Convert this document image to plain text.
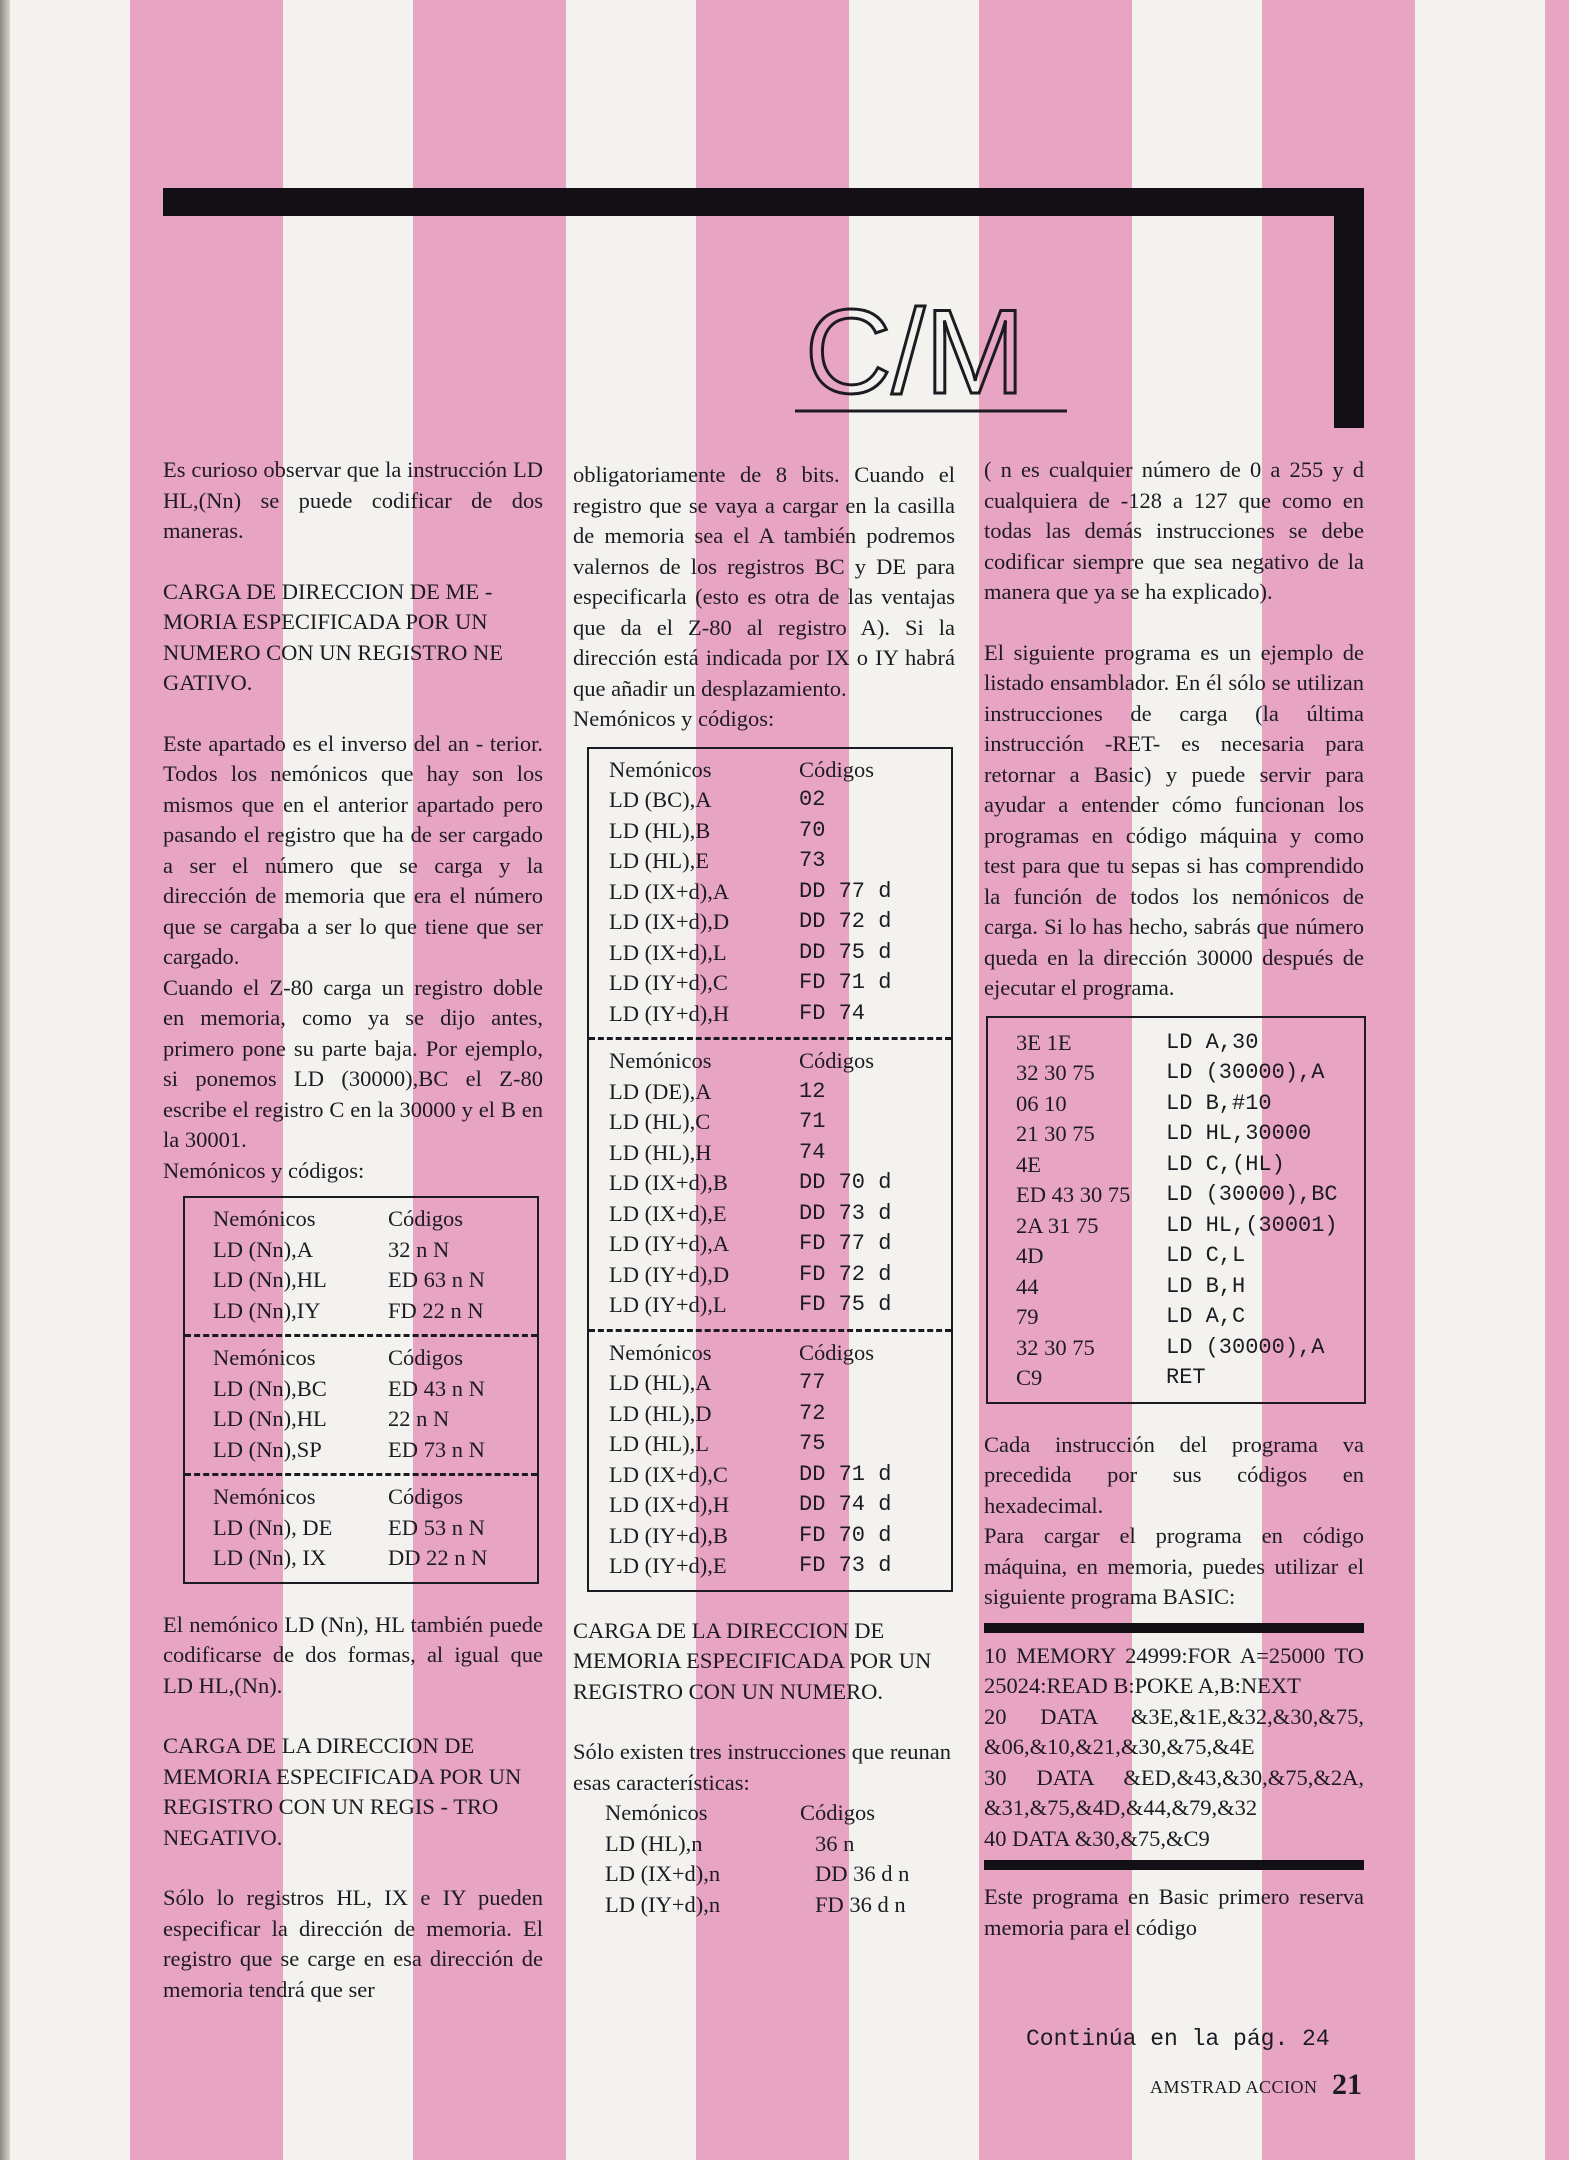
C/M

Es curioso observar que la instrucción LD HL,(Nn) se puede codificar de dos maneras.

CARGA DE DIRECCION DE ME - MORIA ESPECIFICADA POR UN NUMERO CON UN REGISTRO NE GATIVO.

Este apartado es el inverso del an - terior. Todos los nemónicos que hay son los mismos que en el anterior apartado pero pasando el registro que ha de ser cargado a ser el número que se carga y la dirección de memoria que era el número que se cargaba a ser lo que tiene que ser cargado.

Cuando el Z-80 carga un registro doble en memoria, como ya se dijo antes, primero pone su parte baja. Por ejemplo, si ponemos LD (30000),BC el Z-80 escribe el registro C en la 30000 y el B en la 30001.

Nemónicos y códigos:

Nemónicos	Códigos
LD (Nn),A	32 n N
LD (Nn),HL	ED 63 n N
LD (Nn),IY	FD 22 n N
Nemónicos	Códigos
LD (Nn),BC	ED 43 n N
LD (Nn),HL	22 n N
LD (Nn),SP	ED 73 n N
Nemónicos	Códigos
LD (Nn), DE	ED 53 n N
LD (Nn), IX	DD 22 n N

El nemónico LD (Nn), HL también puede codificarse de dos formas, al igual que LD HL,(Nn).

CARGA DE LA DIRECCION DE MEMORIA ESPECIFICADA POR UN REGISTRO CON UN REGIS - TRO NEGATIVO.

Sólo lo registros HL, IX e IY pueden especificar la dirección de memoria. El registro que se carge en esa dirección de memoria tendrá que ser

obligatoriamente de 8 bits. Cuando el registro que se vaya a cargar en la casilla de memoria sea el A también podremos valernos de los registros BC y DE para especificarla (esto es otra de las ventajas que da el Z-80 al registro A). Si la dirección está indicada por IX o IY habrá que añadir un desplazamiento.

Nemónicos y códigos:

Nemónicos	Códigos
LD (BC),A	02
LD (HL),B	70
LD (HL),E	73
LD (IX+d),A	DD 77 d
LD (IX+d),D	DD 72 d
LD (IX+d),L	DD 75 d
LD (IY+d),C	FD 71 d
LD (IY+d),H	FD 74
Nemónicos	Códigos
LD (DE),A	12
LD (HL),C	71
LD (HL),H	74
LD (IX+d),B	DD 70 d
LD (IX+d),E	DD 73 d
LD (IY+d),A	FD 77 d
LD (IY+d),D	FD 72 d
LD (IY+d),L	FD 75 d
Nemónicos	Códigos
LD (HL),A	77
LD (HL),D	72
LD (HL),L	75
LD (IX+d),C	DD 71 d
LD (IX+d),H	DD 74 d
LD (IY+d),B	FD 70 d
LD (IY+d),E	FD 73 d

CARGA DE LA DIRECCION DE MEMORIA ESPECIFICADA POR UN REGISTRO CON UN NUMERO.

Sólo existen tres instrucciones que reunan esas características:

Nemónicos	Códigos
LD (HL),n	36 n
LD (IX+d),n	DD 36 d n
LD (IY+d),n	FD 36 d n

( n es cualquier número de 0 a 255 y d cualquiera de -128 a 127 que como en todas las demás instrucciones se debe codificar siempre que sea negativo de la manera que ya se ha explicado).

El siguiente programa es un ejemplo de listado ensamblador. En él sólo se utilizan instrucciones de carga (la última instrucción -RET- es necesaria para retornar a Basic) y puede servir para ayudar a entender cómo funcionan los programas en código máquina y como test para que tu sepas si has comprendido la función de todos los nemónicos de carga. Si lo has hecho, sabrás que número queda en la dirección 30000 después de ejecutar el programa.

3E 1E	LD A,30
32 30 75	LD (30000),A
06 10	LD B,#10
21 30 75	LD HL,30000
4E	LD C,(HL)
ED 43 30 75	LD (30000),BC
2A 31 75	LD HL,(30001)
4D	LD C,L
44	LD B,H
79	LD A,C
32 30 75	LD (30000),A
C9	RET

Cada instrucción del programa va precedida por sus códigos en hexadecimal.

Para cargar el programa en código máquina, en memoria, puedes utilizar el siguiente programa BASIC:

10 MEMORY 24999:FOR A=25000 TO 25024:READ B:POKE A,B:NEXT

20 DATA &3E,&1E,&32,&30,&75, &06,&10,&21,&30,&75,&4E

30 DATA &ED,&43,&30,&75,&2A, &31,&75,&4D,&44,&79,&32

40 DATA &30,&75,&C9

Este programa en Basic primero reserva memoria para el código

Continúa en la pág. 24
AMSTRAD ACCION 21
